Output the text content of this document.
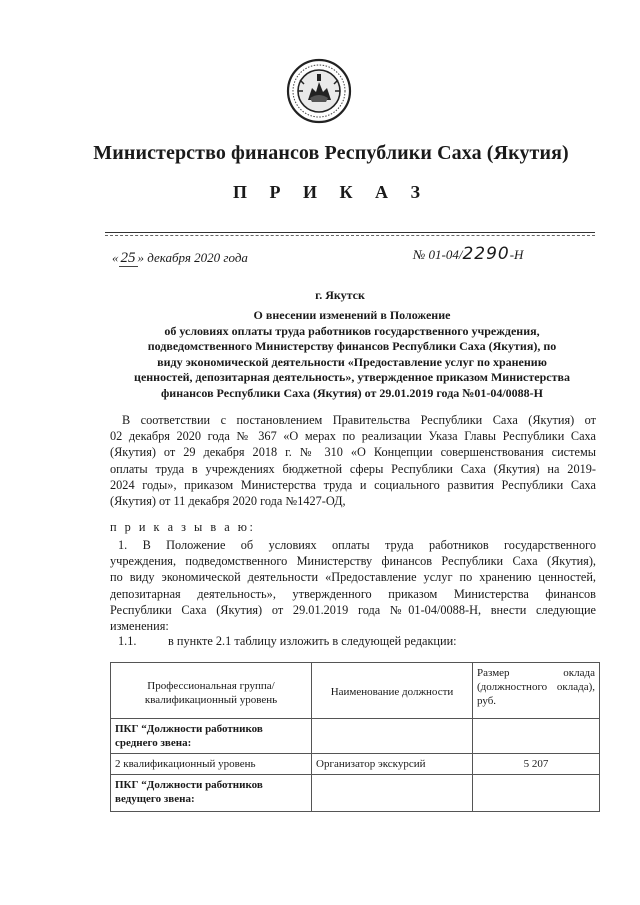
Министерство финансов Республики Саха (Якутия)
П Р И К А З
« 25 » декабря 2020 года	№ 01-04/2290-Н
г. Якутск
О внесении изменений в Положение
об условиях оплаты труда работников государственного учреждения,
подведомственного Министерству финансов Республики Саха (Якутия), по
виду экономической деятельности «Предоставление услуг по хранению
ценностей, депозитарная деятельность», утвержденное приказом Министерства
финансов Республики Саха (Якутия) от 29.01.2019 года №01-04/0088-Н
В соответствии с постановлением Правительства Республики Саха (Якутия) от
02 декабря 2020 года № 367 «О мерах по реализации Указа Главы Республики Саха
(Якутия) от 29 декабря 2018 г. № 310 «О Концепции совершенствования системы
оплаты труда в учреждениях бюджетной сферы Республики Саха (Якутия) на 2019-
2024 годы», приказом Министерства труда и социального развития Республики Саха
(Якутия) от 11 декабря 2020 года №1427-ОД,
п р и к а з ы в а ю:
1. В Положение об условиях оплаты труда работников государственного
учреждения, подведомственного Министерству финансов Республики Саха (Якутия),
по виду экономической деятельности «Предоставление услуг по хранению ценностей,
депозитарная деятельность», утвержденного приказом Министерства финансов
Республики Саха (Якутия) от 29.01.2019 года №01-04/0088-Н, внести следующие
изменения:
1.1.	в пункте 2.1 таблицу изложить в следующей редакции:
Профессиональная группа/ квалификационный уровень	Наименование должности	Размер оклада (должностного оклада), руб.
ПКГ “Должности работников среднего звена:		
2 квалификационный уровень	Организатор экскурсий	5 207
ПКГ “Должности работников ведущего звена:		
